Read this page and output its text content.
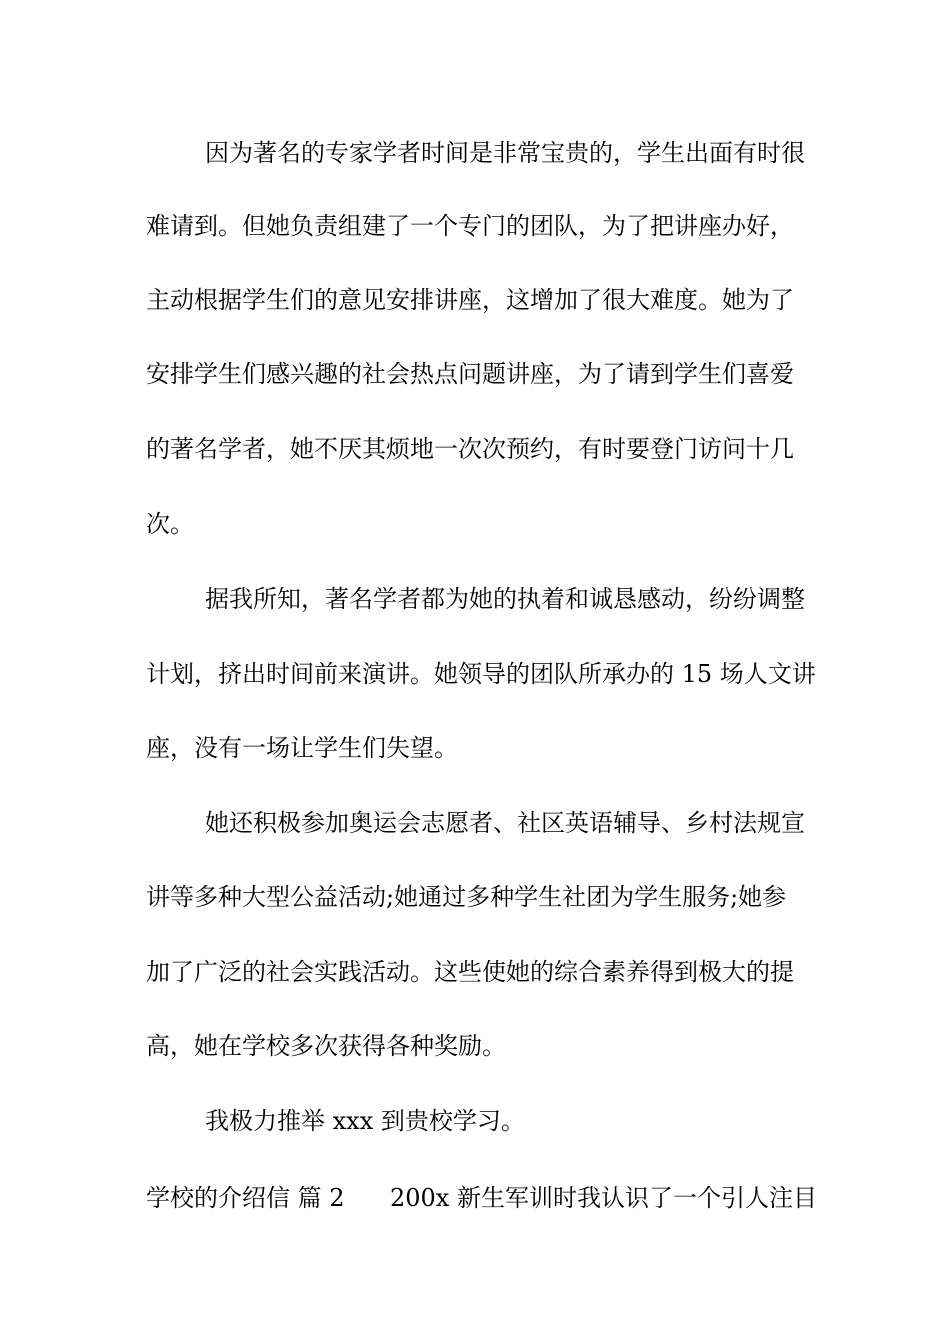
因为著名的专家学者时间是非常宝贵的，学生出面有时很
难请到。但她负责组建了一个专门的团队，为了把讲座办好，
主动根据学生们的意见安排讲座，这增加了很大难度。她为了
安排学生们感兴趣的社会热点问题讲座，为了请到学生们喜爱
的著名学者，她不厌其烦地一次次预约，有时要登门访问十几
次。
据我所知，著名学者都为她的执着和诚恳感动，纷纷调整
计划，挤出时间前来演讲。她领导的团队所承办的 15 场人文讲
座，没有一场让学生们失望。
她还积极参加奥运会志愿者、社区英语辅导、乡村法规宣
讲等多种大型公益活动;她通过多种学生社团为学生服务;她参
加了广泛的社会实践活动。这些使她的综合素养得到极大的提
高，她在学校多次获得各种奖励。
我极力推举 xxx 到贵校学习。
学校的介绍信 篇 2 200x 新生军训时我认识了一个引人注目
